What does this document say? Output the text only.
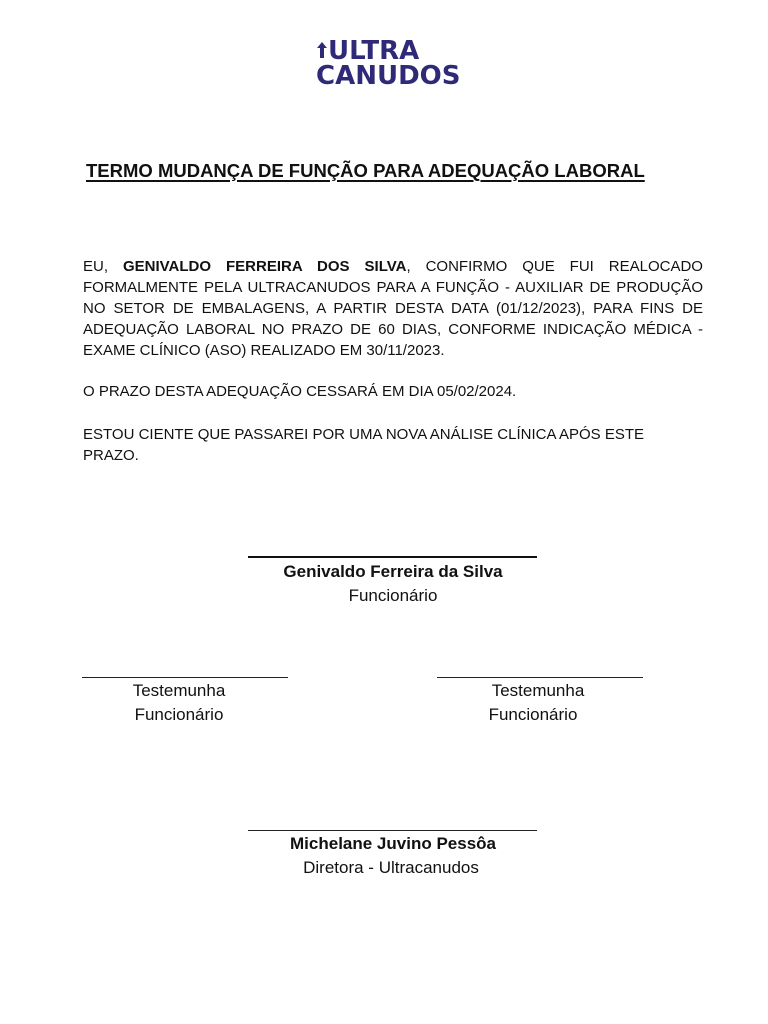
ULTRA
CANUDOS
TERMO MUDANÇA DE FUNÇÃO PARA ADEQUAÇÃO LABORAL

EU, GENIVALDO FERREIRA DOS SILVA, CONFIRMO QUE FUI REALOCADO FORMALMENTE PELA ULTRACANUDOS PARA A FUNÇÃO - AUXILIAR DE PRODUÇÃO NO SETOR DE EMBALAGENS, A PARTIR DESTA DATA (01/12/2023), PARA FINS DE ADEQUAÇÃO LABORAL NO PRAZO DE 60 DIAS, CONFORME INDICAÇÃO MÉDICA - EXAME CLÍNICO (ASO) REALIZADO EM 30/11/2023.

O PRAZO DESTA ADEQUAÇÃO CESSARÁ EM DIA 05/02/2024.

ESTOU CIENTE QUE PASSAREI POR UMA NOVA ANÁLISE CLÍNICA APÓS ESTE PRAZO.

Genivaldo Ferreira da Silva
Funcionário
Testemunha
Funcionário
Testemunha
Funcionário
Michelane Juvino Pessôa
Diretora - Ultracanudos
